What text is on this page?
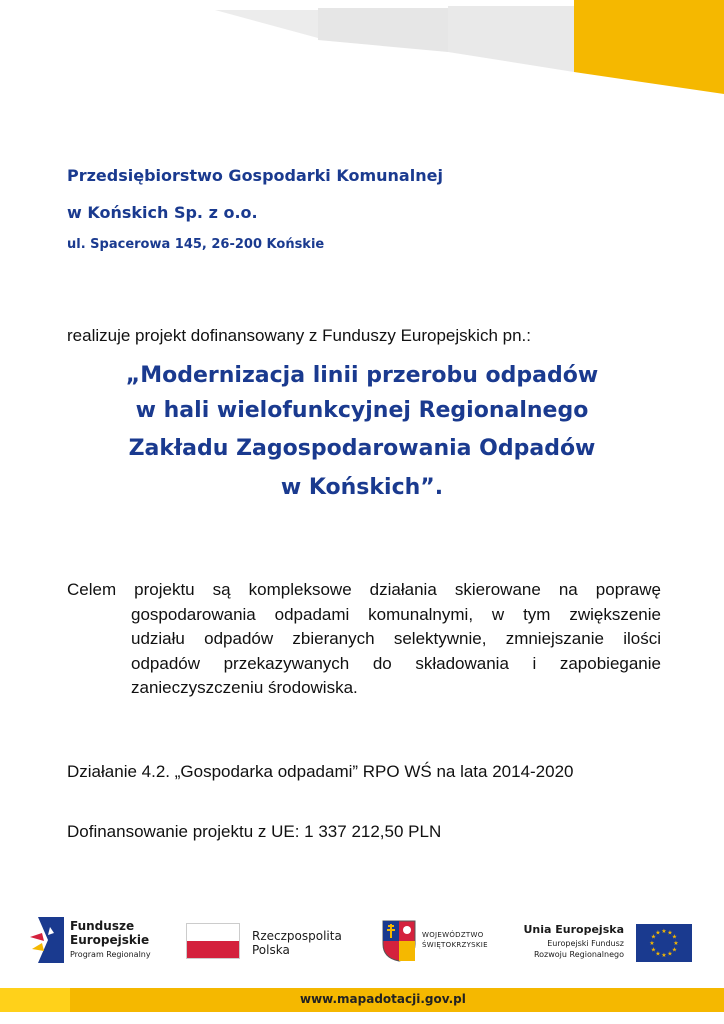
Przedsiębiorstwo Gospodarki Komunalnej
w Końskich Sp. z o.o.
ul. Spacerowa 145, 26-200 Końskie
realizuje projekt dofinansowany z Funduszy Europejskich pn.:
„Modernizacja linii przerobu odpadów
w hali wielofunkcyjnej Regionalnego
Zakładu Zagospodarowania Odpadów
w Końskich”.
Celem projektu są kompleksowe działania skierowane na poprawę
gospodarowania odpadami komunalnymi, w tym zwiększenie
udziału odpadów zbieranych selektywnie, zmniejszanie ilości
odpadów przekazywanych do składowania i zapobieganie
zanieczyszczeniu środowiska.
Działanie 4.2. „Gospodarka odpadami” RPO WŚ na lata 2014-2020
Dofinansowanie projektu z UE: 1 337 212,50 PLN
Fundusze
Europejskie
Program Regionalny
Rzeczpospolita
Polska
WOJEWÓDZTWO
ŚWIĘTOKRZYSKIE
Unia Europejska
Europejski Fundusz
Rozwoju Regionalnego
★ ★
★
★
★
★
★
★
★
★
★
★
www.mapadotacji.gov.pl
